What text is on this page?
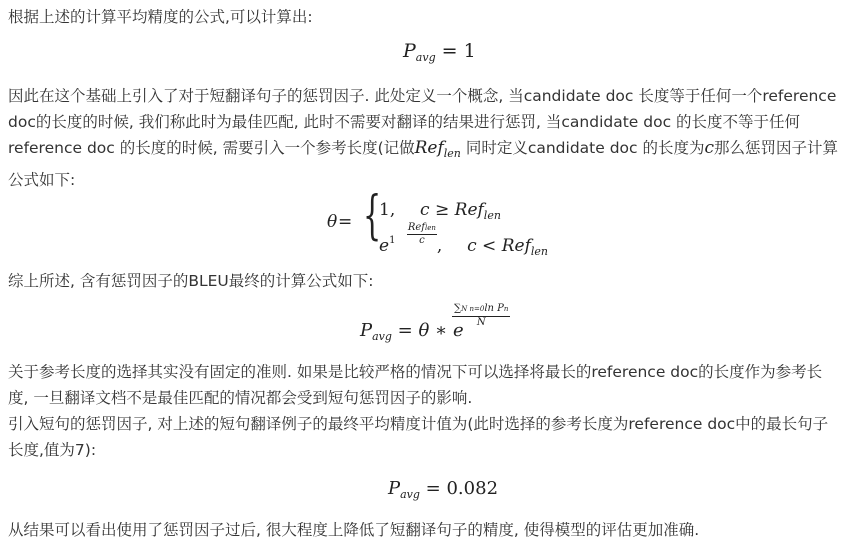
根据上述的计算平均精度的公式,可以计算出:

$P_{avg} = 1$

因此在这个基础上引入了对于短翻译句子的惩罚因子. 此处定义一个概念, 当candidate doc 长度等于任何一个reference
doc的长度的时候, 我们称此时为最佳匹配, 此时不需要对翻译的结果进行惩罚, 当candidate doc 的长度不等于任何
reference doc 的长度的时候, 需要引入一个参考长度(记做Ref$_{len}$ 同时定义candidate doc 的长度为c那么惩罚因子计算
公式如下:

θ = {
1, c ≥ Ref$_{len}$
$e^1 \frac{\text{Reflen}}{c}$ , c < Ref$_{len}$

综上所述, 含有惩罚因子的BLEU最终的计算公式如下:

$P_{avg} = \theta$ ∗ e
$\frac{\text{∑N n=0ln Pn}}{N}$

关于参考长度的选择其实没有固定的准则. 如果是比较严格的情况下可以选择将最长的reference doc的长度作为参考长
度, 一旦翻译文档不是最佳匹配的情况都会受到短句惩罚因子的影响.
引入短句的惩罚因子, 对上述的短句翻译例子的最终平均精度计值为(此时选择的参考长度为reference doc中的最长句子
长度,值为7):

$P_{avg} = 0.082$

从结果可以看出使用了惩罚因子过后, 很大程度上降低了短翻译句子的精度, 使得模型的评估更加准确.
